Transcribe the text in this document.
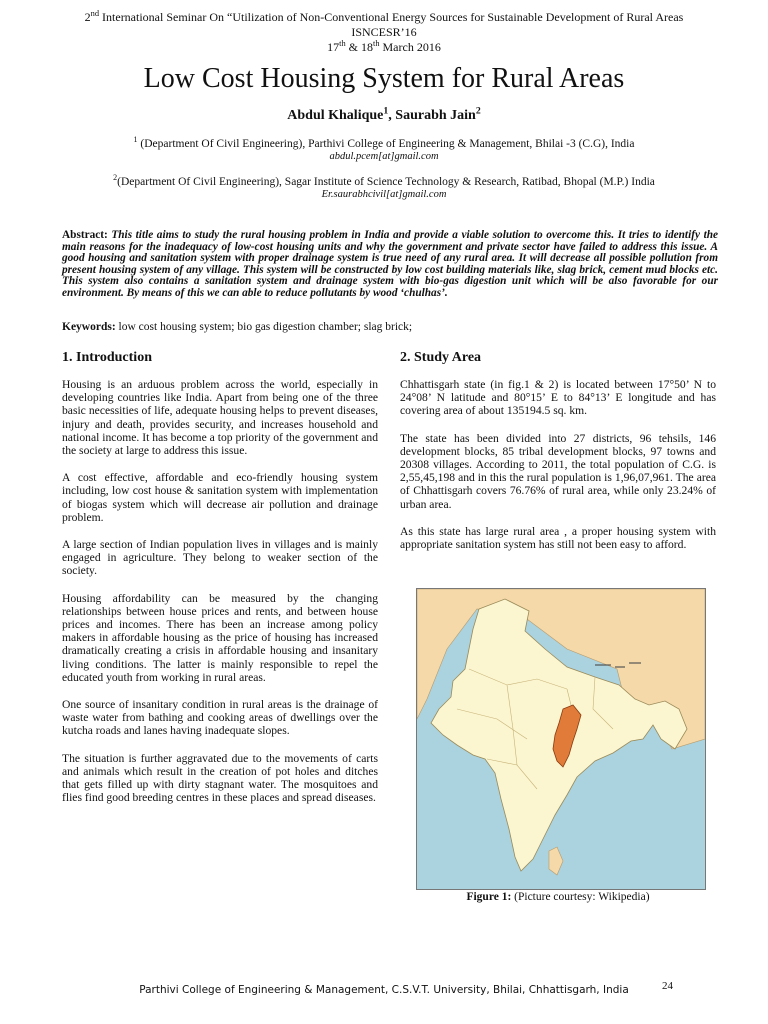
2nd International Seminar On “Utilization of Non-Conventional Energy Sources for Sustainable Development of Rural Areas
ISNCESR’16
17th & 18th March 2016
Low Cost Housing System for Rural Areas
Abdul Khalique$^1$, Saurabh Jain$^2$
$^1$ (Department Of Civil Engineering), Parthivi College of Engineering & Management, Bhilai -3 (C.G), India
abdul.pcem[at]gmail.com
$^2$(Department Of Civil Engineering), Sagar Institute of Science Technology & Research, Ratibad, Bhopal (M.P.) India
Er.saurabhcivil[at]gmail.com
Abstract: This title aims to study the rural housing problem in India and provide a viable solution to overcome this. It tries to identify the main reasons for the inadequacy of low-cost housing units and why the government and private sector have failed to address this issue. A good housing and sanitation system with proper drainage system is true need of any rural area. It will decrease all possible pollution from present housing system of any village. This system will be constructed by low cost building materials like, slag brick, cement mud blocks etc. This system also contains a sanitation system and drainage system with bio-gas digestion unit which will be also favorable for our environment. By means of this we can able to reduce pollutants by wood ‘chulhas’.
Keywords: low cost housing system; bio gas digestion chamber; slag brick;
1. Introduction

Housing is an arduous problem across the world, especially in developing countries like India. Apart from being one of the three basic necessities of life, adequate housing helps to prevent diseases, injury and death, provides security, and increases household and national income. It has become a top priority of the government and the society at large to address this issue.

A cost effective, affordable and eco-friendly housing system including, low cost house & sanitation system with implementation of biogas system which will decrease air pollution and drainage problem.

A large section of Indian population lives in villages and is mainly engaged in agriculture. They belong to weaker section of the society.

Housing affordability can be measured by the changing relationships between house prices and rents, and between house prices and incomes. There has been an increase among policy makers in affordable housing as the price of housing has increased dramatically creating a crisis in affordable housing and insanitary living conditions. The latter is mainly responsible to repel the educated youth from working in rural areas.

One source of insanitary condition in rural areas is the drainage of waste water from bathing and cooking areas of dwellings over the kutcha roads and lanes having inadequate slopes.

The situation is further aggravated due to the movements of carts and animals which result in the creation of pot holes and ditches that gets filled up with dirty stagnant water. The mosquitoes and flies find good breeding centres in these places and spread diseases.

2. Study Area

Chhattisgarh state (in fig.1 & 2) is located between 17°50’ N to 24°08’ N latitude and 80°15’ E to 84°13’ E longitude and has covering area of about 135194.5 sq. km.

The state has been divided into 27 districts, 96 tehsils, 146 development blocks, 85 tribal development blocks, 97 towns and 20308 villages. According to 2011, the total population of C.G. is 2,55,45,198 and in this the rural population is 1,96,07,961. The area of Chhattisgarh covers 76.76% of rural area, while only 23.24% of urban area.

As this state has large rural area , a proper housing system with appropriate sanitation system has still not been easy to afford.

Figure 1: (Picture courtesy: Wikipedia)
Parthivi College of Engineering & Management, C.S.V.T. University, Bhilai, Chhattisgarh, India	24
